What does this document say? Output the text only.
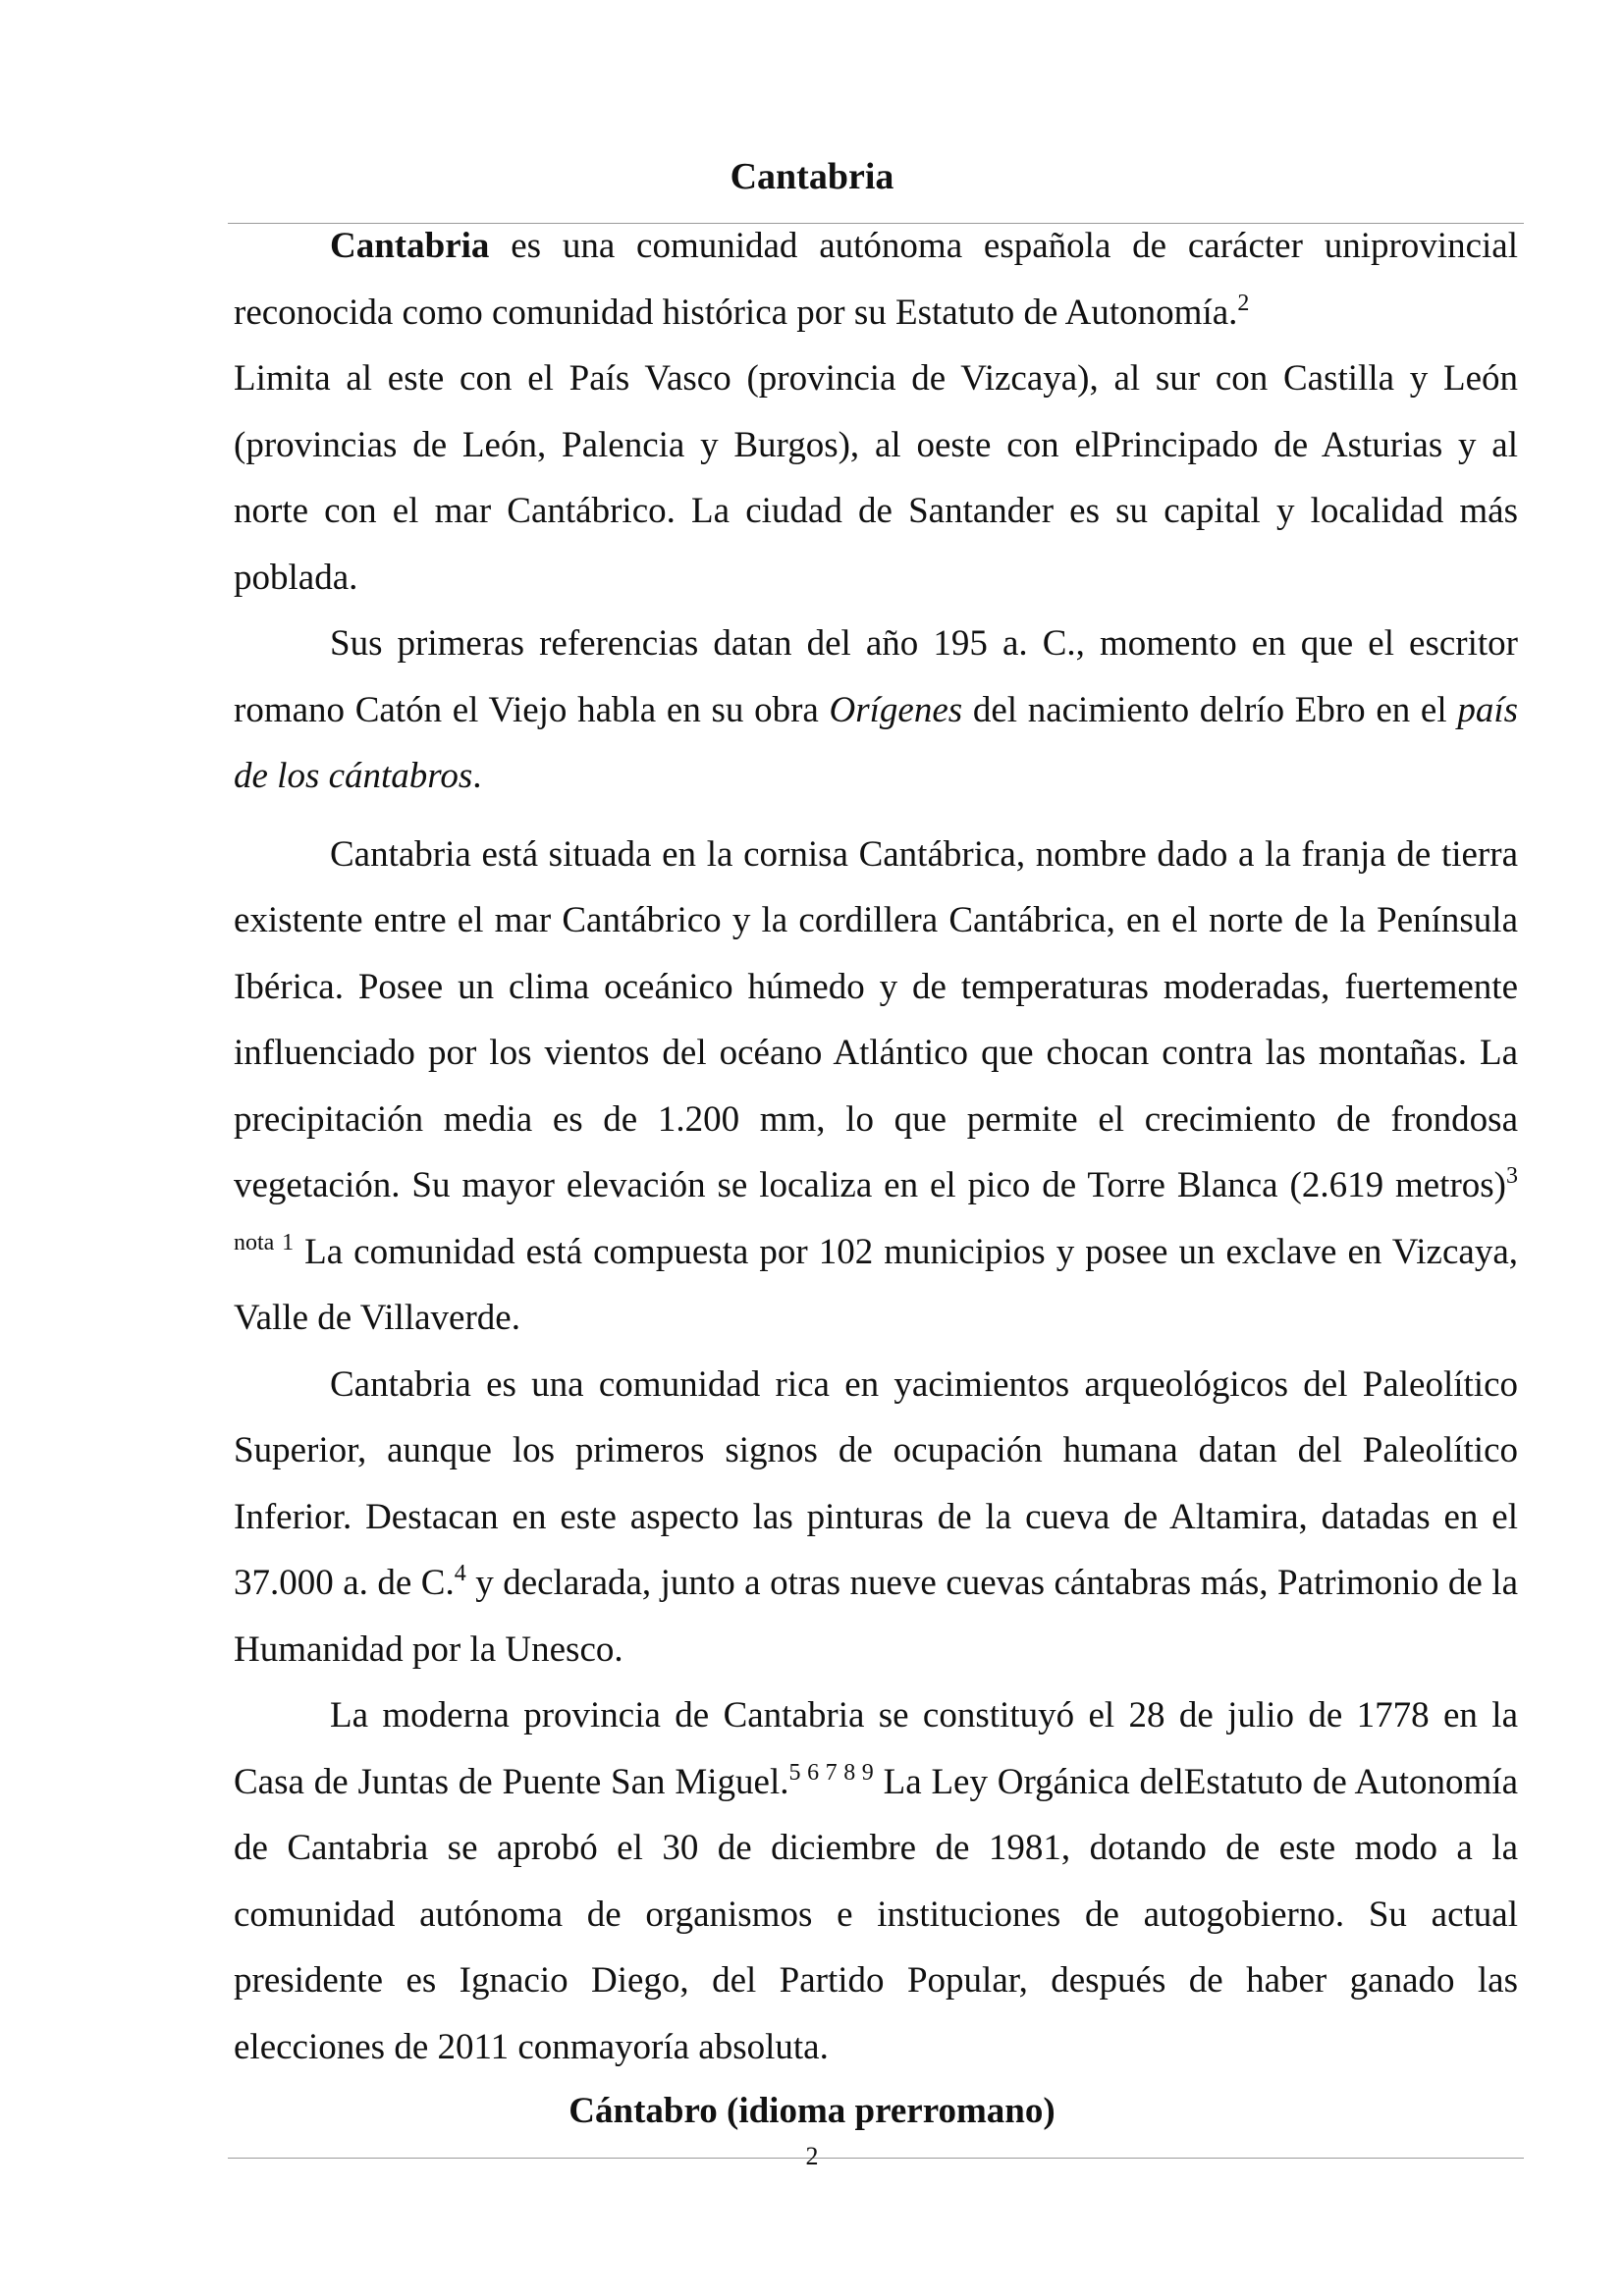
Cantabria

Cantabria es una comunidad autónoma española de carácter uniprovincial reconocida como comunidad histórica por su Estatuto de Autonomía.$^2$

Limita al este con el País Vasco (provincia de Vizcaya), al sur con Castilla y León (provincias de León, Palencia y Burgos), al oeste con elPrincipado de Asturias y al norte con el mar Cantábrico. La ciudad de Santander es su capital y localidad más poblada.

Sus primeras referencias datan del año 195 a. C., momento en que el escritor romano Catón el Viejo habla en su obra Orígenes del nacimiento delrío Ebro en el país de los cántabros.

Cantabria está situada en la cornisa Cantábrica, nombre dado a la franja de tierra existente entre el mar Cantábrico y la cordillera Cantábrica, en el norte de la Península Ibérica. Posee un clima oceánico húmedo y de temperaturas moderadas, fuertemente influenciado por los vientos del océano Atlántico que chocan contra las montañas. La precipitación media es de 1.200 mm, lo que permite el crecimiento de frondosa vegetación. Su mayor elevación se localiza en el pico de Torre Blanca (2.619 metros)$^{3 nota 1}$ La comunidad está compuesta por 102 municipios y posee un exclave en Vizcaya, Valle de Villaverde.

Cantabria es una comunidad rica en yacimientos arqueológicos del Paleolítico Superior, aunque los primeros signos de ocupación humana datan del Paleolítico Inferior. Destacan en este aspecto las pinturas de la cueva de Altamira, datadas en el 37.000 a. de C.$^4$ y declarada, junto a otras nueve cuevas cántabras más, Patrimonio de la Humanidad por la Unesco.

La moderna provincia de Cantabria se constituyó el 28 de julio de 1778 en la Casa de Juntas de Puente San Miguel.$^{5 6 7 8 9}$ La Ley Orgánica delEstatuto de Autonomía de Cantabria se aprobó el 30 de diciembre de 1981, dotando de este modo a la comunidad autónoma de organismos e instituciones de autogobierno. Su actual presidente es Ignacio Diego, del Partido Popular, después de haber ganado las elecciones de 2011 conmayoría absoluta.

Cántabro (idioma prerromano)
2
